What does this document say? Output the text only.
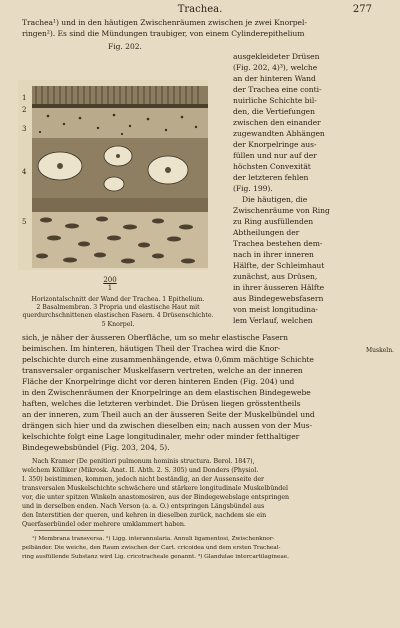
Trachea.	277
Trachea¹) und in den häutigen Zwischenräumen zwischen je zwei Knorpel-
ringen²). Es sind die Mündungen traubiger, von einem Cylinderepithelium
Fig. 202.
1
2
3
4
5
200
1
Horizontalschnitt der Wand der Trachea. 1 Epithelium.
2 Basalmembran. 3 Propria und elastische Haut mit
querdurchschnittenen elastischen Fasern. 4 Drüsenschichte.
5 Knorpel.
ausgekleideter Drüsen
(Fig. 202, 4)³), welche
an der hinteren Wand
der Trachea eine conti-
nuirliche Schichte bil-
den, die Vertiefungen
zwischen den einander
zugewandten Abhängen
der Knorpelringe aus-
füllen und nur auf der
höchsten Convexität
der letzteren fehlen
(Fig. 199).
Die häutigen, die
Zwischenräume von Ring
zu Ring ausfüllenden
Abtheilungen der
Trachea bestehen dem-
nach in ihrer inneren
Hälfte, der Schleimhaut
zunächst, aus Drüsen,
in ihrer äusseren Hälfte
aus Bindegewebsfasern
von meist longitudina-
lem Verlauf, welchen
sich, je näher der äusseren Oberfläche, um so mehr elastische Fasern
beimischen. Im hinteren, häutigen Theil der Trachea wird die Knor-
pelschichte durch eine zusammenhängende, etwa 0,6mm mächtige Schichte
transversaler organischer Muskelfasern vertreten, welche an der inneren
Fläche der Knorpelringe dicht vor deren hinteren Enden (Fig. 204) und
in den Zwischenräumen der Knorpelringe an dem elastischen Bindegewebe
haften, welches die letzteren verbindet. Die Drüsen liegen grösstentheils
an der inneren, zum Theil auch an der äusseren Seite der Muskelbündel und
drängen sich hier und da zwischen dieselben ein; nach aussen von der Mus-
kelschichte folgt eine Lage longitudinaler, mehr oder minder fetthaltiger
Bindegewebsbündel (Fig. 203, 204, 5).
Muskeln.
Nach Kramer (De penitiori pulmonum hominis structura. Berol. 1847),
welchem Kölliker (Mikrosk. Anat. II. Abth. 2. S. 305) und Donders (Physiol.
I. 350) beistimmen, kommen, jedoch nicht beständig, an der Aussenseite der
transversalen Muskelschichte schwächere und stärkere longitudinale Muskelbündel
vor, die unter spitzen Winkeln anastomosiren, aus der Bindegewebslage entspringen
und in derselben enden. Nach Verson (a. a. O.) entspringen Längsbündel aus
den Interstitien der queren, und kehren in dieselben zurück, nachdem sie ein
Querfaserbündel oder mehrere umklammert haben.
¹) Membrana transversa. ²) Ligg. interannularia. Annuli ligamentosi, Zwischenknor-
pelbänder. Die weiche, den Raum zwischen der Cart. cricoidea und dem ersten Tracheal-
ring ausfüllende Substanz wird Lig. cricotracheale genannt. ³) Glandulae intercartilagineae.
